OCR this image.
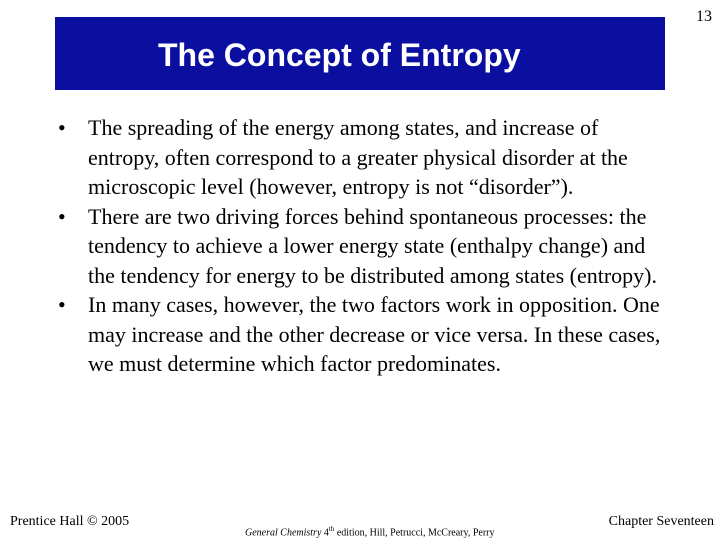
13
The Concept of Entropy
•	The spreading of the energy among states, and increase of entropy, often correspond to a greater physical disorder at the microscopic level (however, entropy is not “disorder”).
•	There are two driving forces behind spontaneous processes: the tendency to achieve a lower energy state (enthalpy change) and the tendency for energy to be distributed among states (entropy).
•	In many cases, however, the two factors work in opposition. One may increase and the other decrease or vice versa. In these cases, we must determine which factor predominates.
Prentice Hall © 2005
General Chemistry 4th edition, Hill, Petrucci, McCreary, Perry
Chapter Seventeen
